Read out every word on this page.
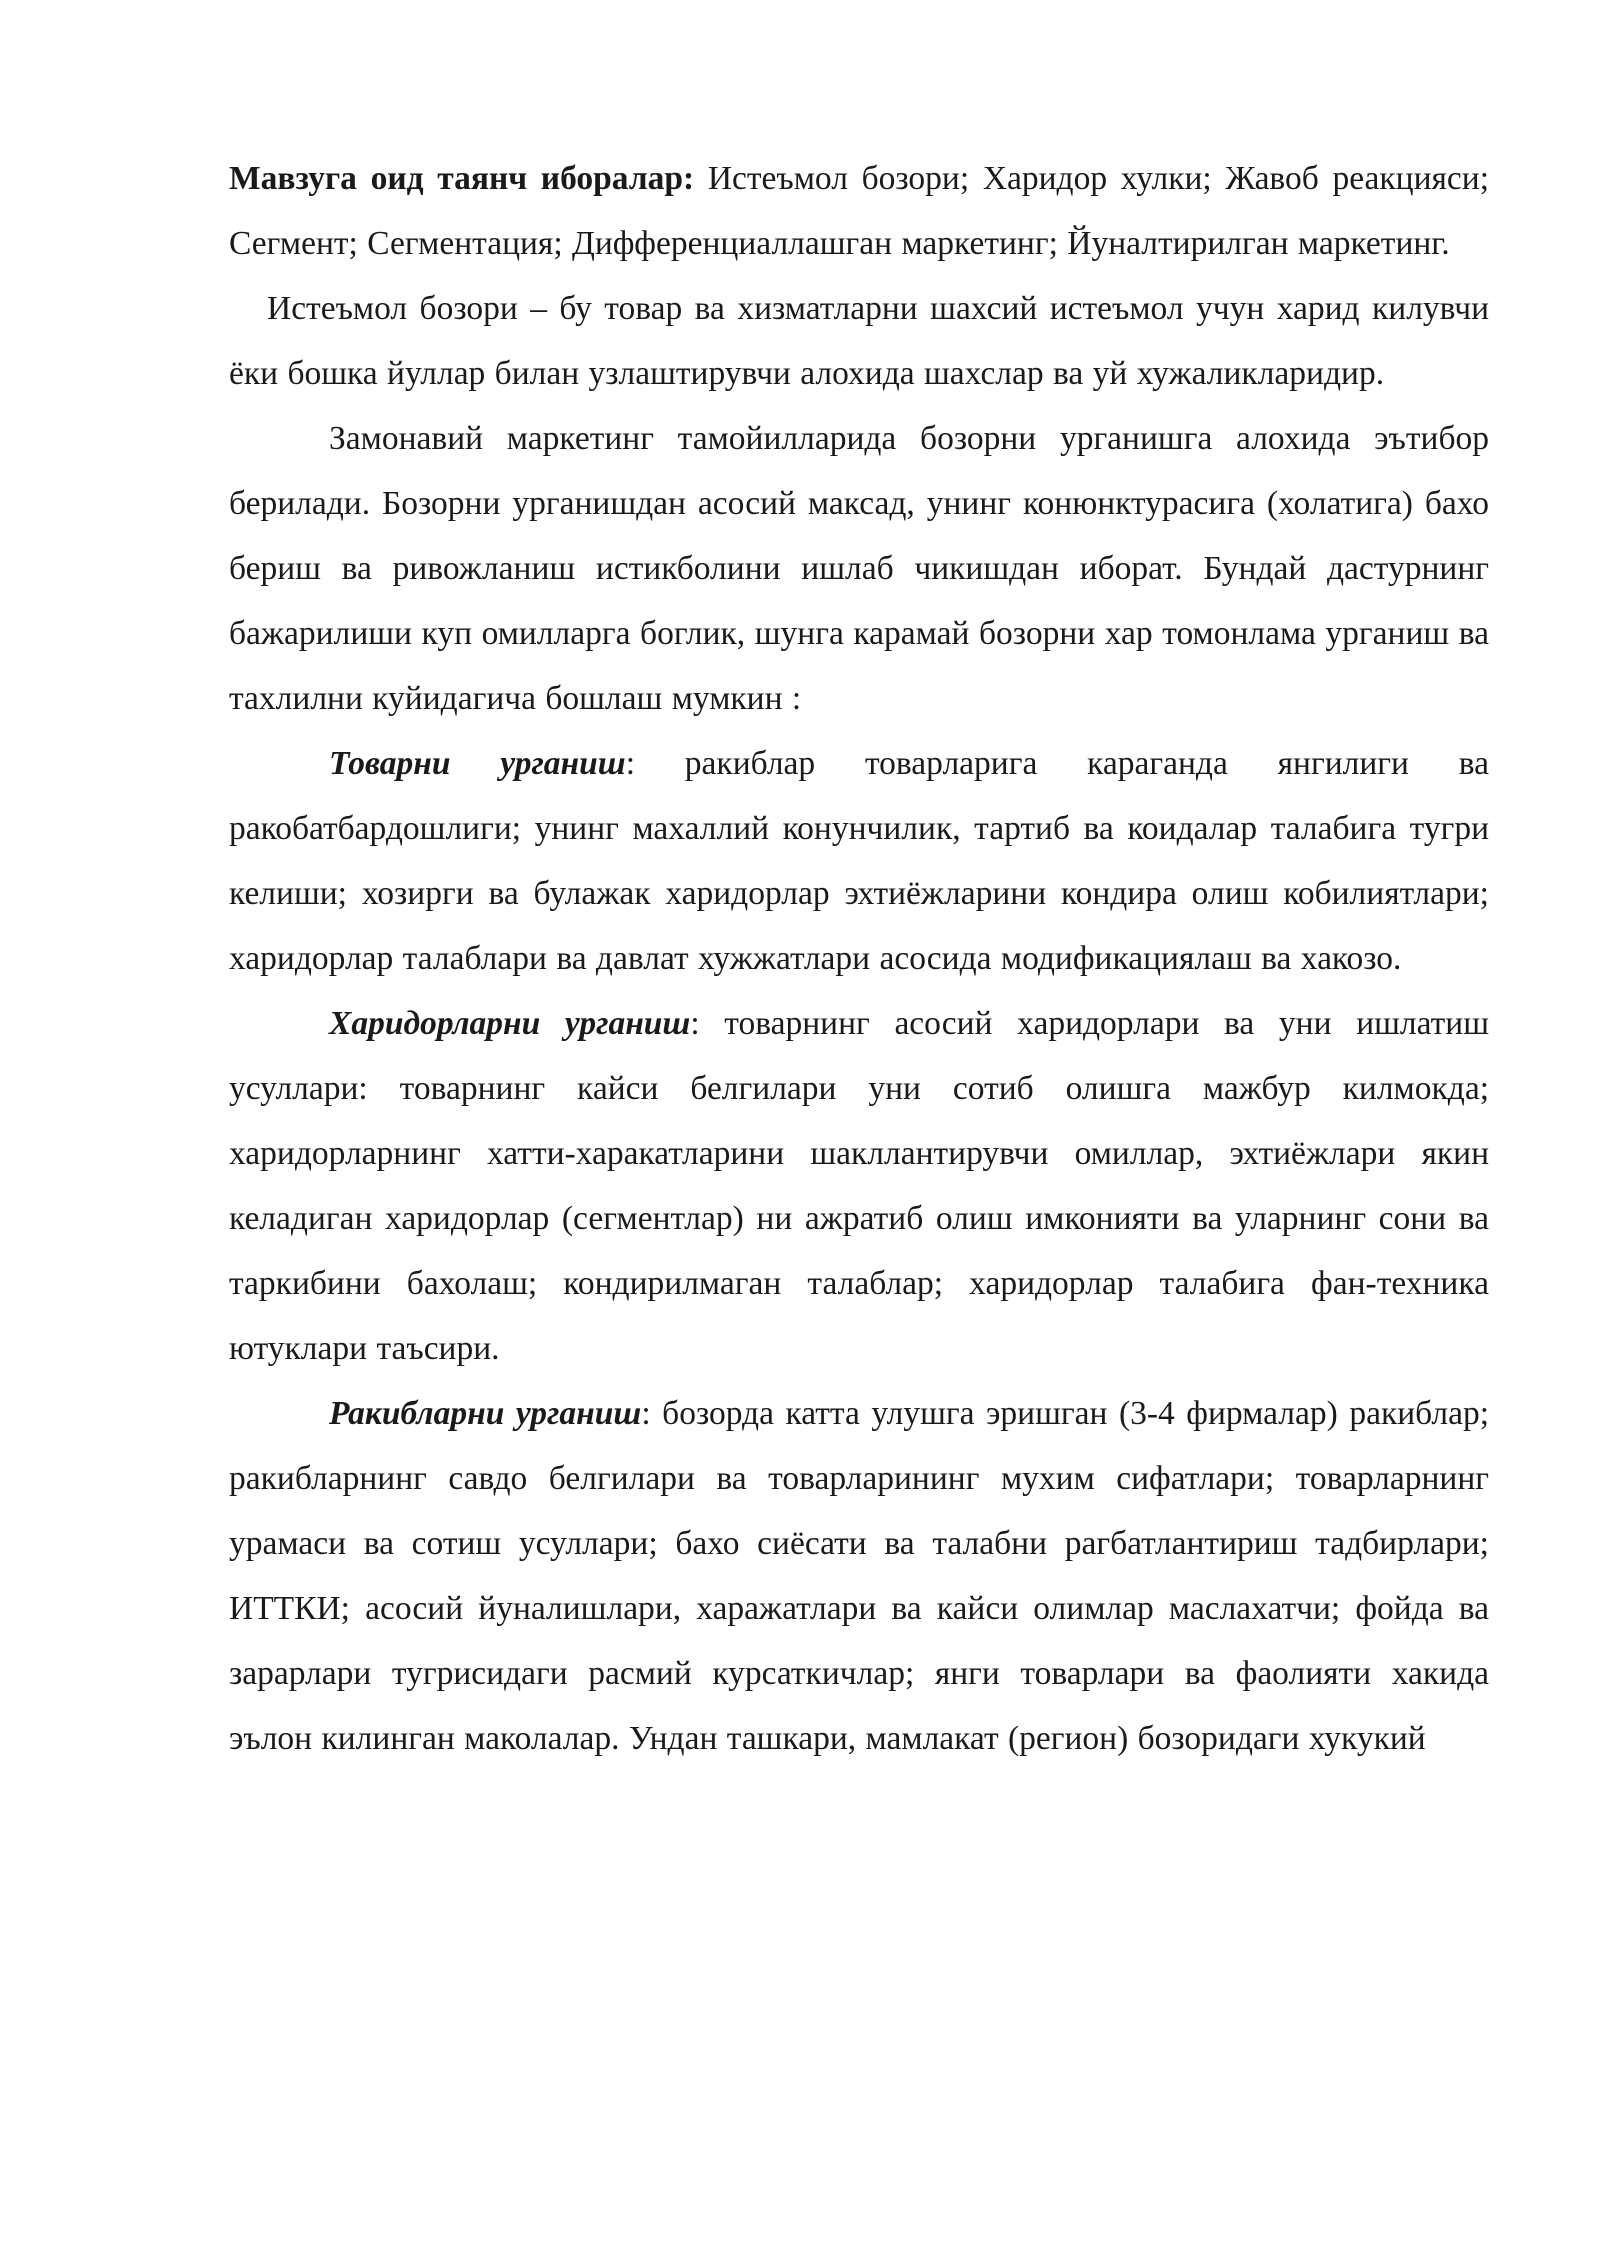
Мавзуга оид таянч иборалар: Истеъмол бозори; Харидор хулки; Жавоб реакцияси; Сегмент; Сегментация; Дифференциаллашган маркетинг; Йуналтирилган маркетинг.

Истеъмол бозори – бу товар ва хизматларни шахсий истеъмол учун харид килувчи ёки бошка йуллар билан узлаштирувчи алохида шахслар ва уй хужаликларидир.

Замонавий маркетинг тамойилларида бозорни урганишга алохида эътибор берилади. Бозорни урганишдан асосий максад, унинг конюнктурасига (холатига) бахо бериш ва ривожланиш истикболини ишлаб чикишдан иборат. Бундай дастурнинг бажарилиши куп омилларга боглик, шунга карамай бозорни хар томонлама урганиш ва тахлилни куйидагича бошлаш мумкин :

Товарни урганиш: ракиблар товарларига караганда янгилиги ва ракобатбардошлиги; унинг махаллий конунчилик, тартиб ва коидалар талабига тугри келиши; хозирги ва булажак харидорлар эхтиёжларини кондира олиш кобилиятлари; харидорлар талаблари ва давлат хужжатлари асосида модификациялаш ва хакозо.

Харидорларни урганиш: товарнинг асосий харидорлари ва уни ишлатиш усуллари: товарнинг кайси белгилари уни сотиб олишга мажбур килмокда; харидорларнинг хатти-харакатларини шакллантирувчи омиллар, эхтиёжлари якин келадиган харидорлар (сегментлар) ни ажратиб олиш имконияти ва уларнинг сони ва таркибини бахолаш; кондирилмаган талаблар; харидорлар талабига фан-техника ютуклари таъсири.

Ракибларни урганиш: бозорда катта улушга эришган (3-4 фирмалар) ракиблар; ракибларнинг савдо белгилари ва товарларининг мухим сифатлари; товарларнинг урамаси ва сотиш усуллари; бахо сиёсати ва талабни рагбатлантириш тадбирлари; ИТТКИ; асосий йуналишлари, харажатлари ва кайси олимлар маслахатчи; фойда ва зарарлари тугрисидаги расмий курсаткичлар; янги товарлари ва фаолияти хакида эълон килинган маколалар. Ундан ташкари, мамлакат (регион) бозоридаги хукукий
